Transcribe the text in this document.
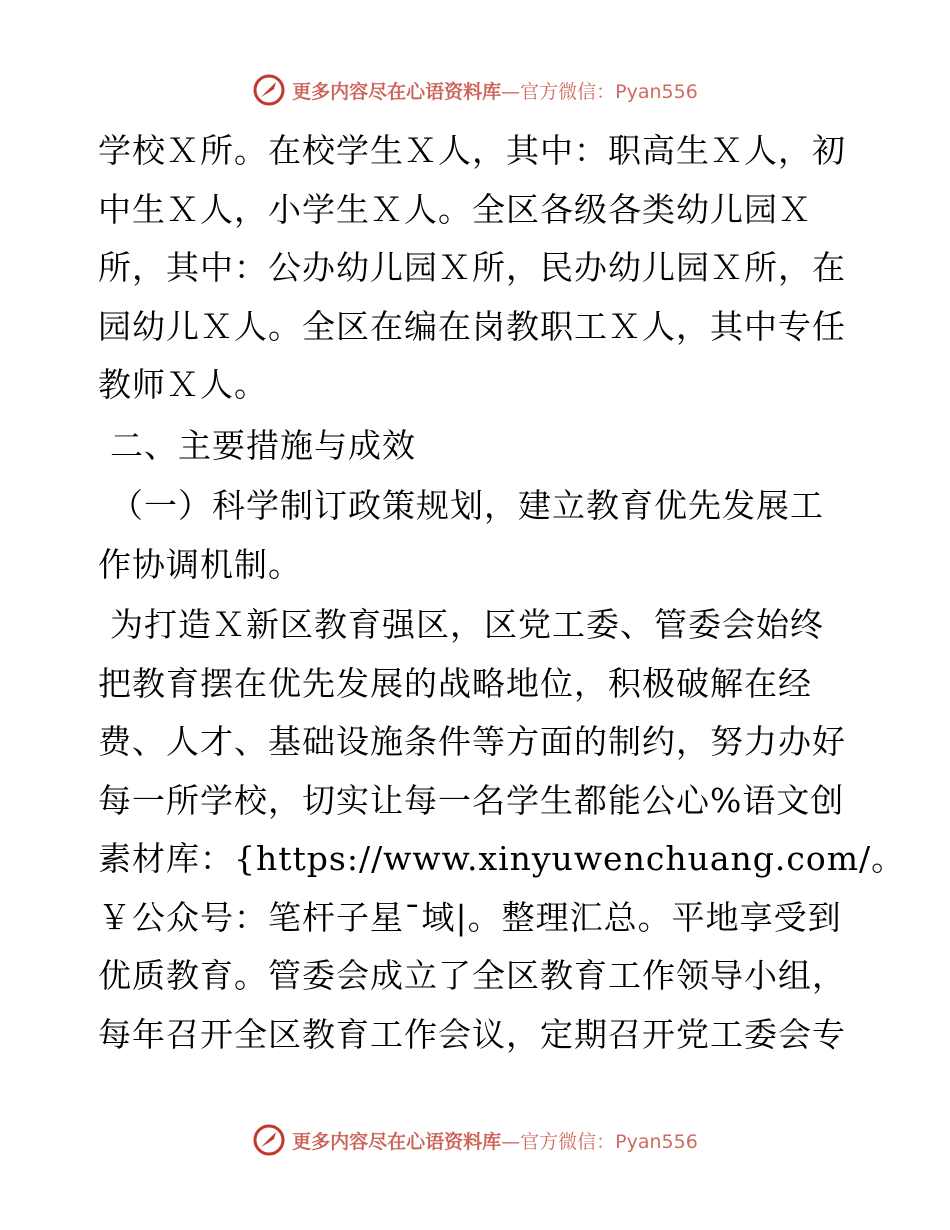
更多内容尽在心语资料库 —官方微信：Pyan556
学校Ｘ所。在校学生Ｘ人，其中：职高生Ｘ人，初
中生Ｘ人，小学生Ｘ人。全区各级各类幼儿园Ｘ
所，其中：公办幼儿园Ｘ所，民办幼儿园Ｘ所，在
园幼儿Ｘ人。全区在编在岗教职工Ｘ人，其中专任
教师Ｘ人。
二、主要措施与成效
（一）科学制订政策规划，建立教育优先发展工
作协调机制。
为打造Ｘ新区教育强区，区党工委、管委会始终
把教育摆在优先发展的战略地位，积极破解在经
费、人才、基础设施条件等方面的制约，努力办好
每一所学校，切实让每一名学生都能公心%语文创
素材库：{https://www.xinyuwenchuang.com/。
￥公众号：笔杆子星¯域|。整理汇总。平地享受到
优质教育。管委会成立了全区教育工作领导小组，
每年召开全区教育工作会议，定期召开党工委会专
更多内容尽在心语资料库 —官方微信：Pyan556
